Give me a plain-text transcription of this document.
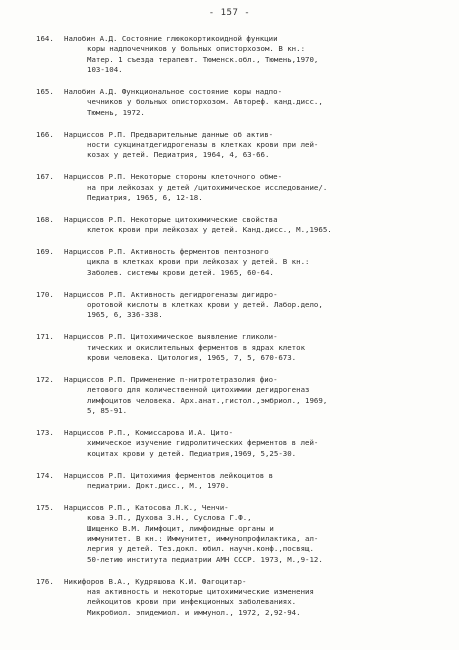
- 157 -
164.	Налобин А.Д. Состояние глюкокортикоидной функции
коры надпочечников у больных описторхозом. В кн.:
Матер. 1 съезда терапевт. Тюменск.обл., Тюмень,1970,
103-104.
165.	Налобин А.Д. Функциональное состояние коры надпо-
чечников у больных описторхозом. Автореф. канд.дисс.,
Тюмень, 1972.
166.	Нарциссов Р.П. Предварительные данные об актив-
ности сукцинатдегидрогеназы в клетках крови при лей-
козах у детей. Педиатрия, 1964, 4, 63-66.
167.	Нарциссов Р.П. Некоторые стороны клеточного обме-
на при лейкозах у детей /цитохимическое исследование/.
Педиатрия, 1965, 6, 12-18.
168.	Нарциссов Р.П. Некоторые цитохимические свойства
клеток крови при лейкозах у детей. Канд.дисс., М.,1965.
169.	Нарциссов Р.П. Активность ферментов пентозного
цикла в клетках крови при лейкозах у детей. В кн.:
Заболев. системы крови детей. 1965, 60-64.
170.	Нарциссов Р.П. Активность дегидрогеназы дигидро-
оротовой кислоты в клетках крови у детей. Лабор.дело,
1965, 6, 336-338.
171.	Нарциссов Р.П. Цитохимическое выявление гликоли-
тических и окислительных ферментов в ядрах клеток
крови человека. Цитология, 1965, 7, 5, 670-673.
172.	Нарциссов Р.П. Применение п-нитротетразолия фио-
летового для количественной цитохимии дегидрогеназ
лимфоцитов человека. Арх.анат.,гистол.,эмбриол., 1969,
5, 85-91.
173.	Нарциссов Р.П., Комиссарова И.А. Цито-
химическое изучение гидролитических ферментов в лей-
коцитах крови у детей. Педиатрия,1969, 5,25-30.
174.	Нарциссов Р.П. Цитохимия ферментов лейкоцитов в
педиатрии. Докт.дисс., М., 1970.
175.	Нарциссов Р.П., Катосова Л.К., Ченчи-
кова Э.П., Духова З.Н., Суслова Г.Ф.,
Шищенко В.М. Лимфоцит, лимфоидные органы и
иммунитет. В кн.: Иммунитет, иммунопрофилактика, ал-
лергия у детей. Тез.докл. юбил. научн.конф.,посвящ.
50-летию института педиатрии АМН СССР. 1973, М.,9-12.
176.	Никифоров В.А., Кудряшова К.И. Фагоцитар-
ная активность и некоторые цитохимические изменения
лейкоцитов крови при инфекционных заболеваниях.
Микробиол. эпидемиол. и иммунол., 1972, 2,92-94.
